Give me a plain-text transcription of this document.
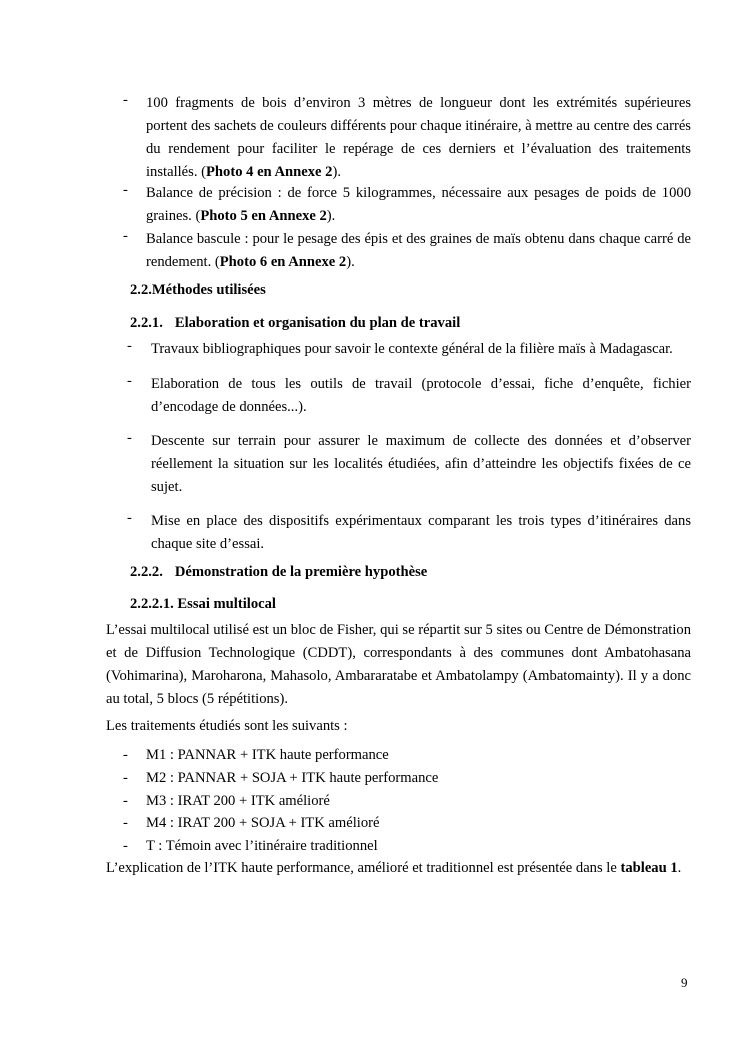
- 100 fragments de bois d’environ 3 mètres de longueur dont les extrémités supérieures portent des sachets de couleurs différents pour chaque itinéraire, à mettre au centre des carrés du rendement pour faciliter le repérage de ces derniers et l’évaluation des traitements installés. (Photo 4 en Annexe 2).
- Balance de précision : de force 5 kilogrammes, nécessaire aux pesages de poids de 1000 graines. (Photo 5 en Annexe 2).
- Balance bascule : pour le pesage des épis et des graines de maïs obtenu dans chaque carré de rendement. (Photo 6 en Annexe 2).
2.2.Méthodes utilisées
2.2.1. Elaboration et organisation du plan de travail
- Travaux bibliographiques pour savoir le contexte général de la filière maïs à Madagascar.
- Elaboration de tous les outils de travail (protocole d’essai, fiche d’enquête, fichier d’encodage de données...).
- Descente sur terrain pour assurer le maximum de collecte des données et d’observer réellement la situation sur les localités étudiées, afin d’atteindre les objectifs fixées de ce sujet.
- Mise en place des dispositifs expérimentaux comparant les trois types d’itinéraires dans chaque site d’essai.
2.2.2. Démonstration de la première hypothèse
2.2.2.1. Essai multilocal
L’essai multilocal utilisé est un bloc de Fisher, qui se répartit sur 5 sites ou Centre de Démonstration et de Diffusion Technologique (CDDT), correspondants à des communes dont Ambatohasana (Vohimarina), Maroharona, Mahasolo, Ambararatabe et Ambatolampy (Ambatomainty). Il y a donc au total, 5 blocs (5 répétitions).
Les traitements étudiés sont les suivants :
- M1 : PANNAR + ITK haute performance
- M2 : PANNAR + SOJA + ITK haute performance
- M3 : IRAT 200 + ITK amélioré
- M4 : IRAT 200 + SOJA + ITK amélioré
- T : Témoin avec l’itinéraire traditionnel
L’explication de l’ITK haute performance, amélioré et traditionnel est présentée dans le tableau 1.
9
